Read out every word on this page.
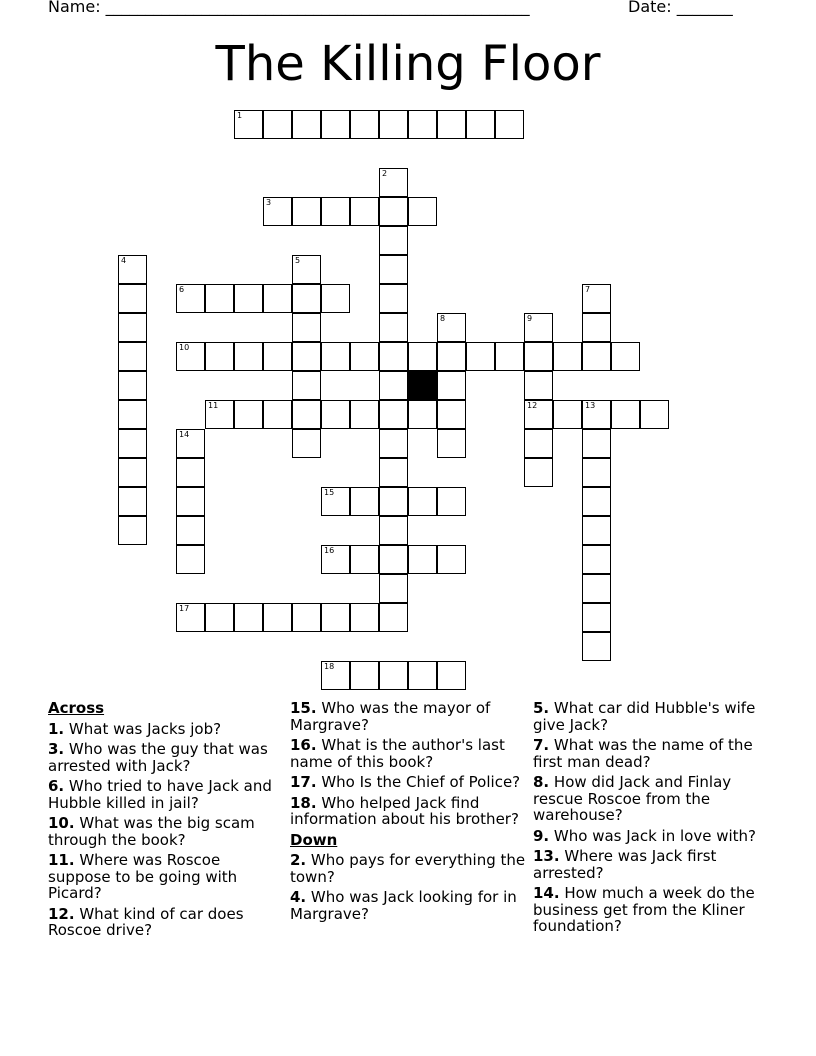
Name: _____________________________________________________	Date: _______
The Killing Floor
1
2
3
4	5
6	7
8	9
12
10
11	13
14
15
16
17
18
Across
1. What was Jacks job?
3. Who was the guy that was arrested with Jack?
6. Who tried to have Jack and Hubble killed in jail?
10. What was the big scam through the book?
11. Where was Roscoe suppose to be going with Picard?
12. What kind of car does Roscoe drive?
15. Who was the mayor of Margrave?
16. What is the author's last name of this book?
17. Who Is the Chief of Police?
18. Who helped Jack find information about his brother?
Down
2. Who pays for everything the town?
4. Who was Jack looking for in Margrave?
5. What car did Hubble's wife give Jack?
7. What was the name of the first man dead?
8. How did Jack and Finlay rescue Roscoe from the warehouse?
9. Who was Jack in love with?
13. Where was Jack first arrested?
14. How much a week do the business get from the Kliner foundation?
